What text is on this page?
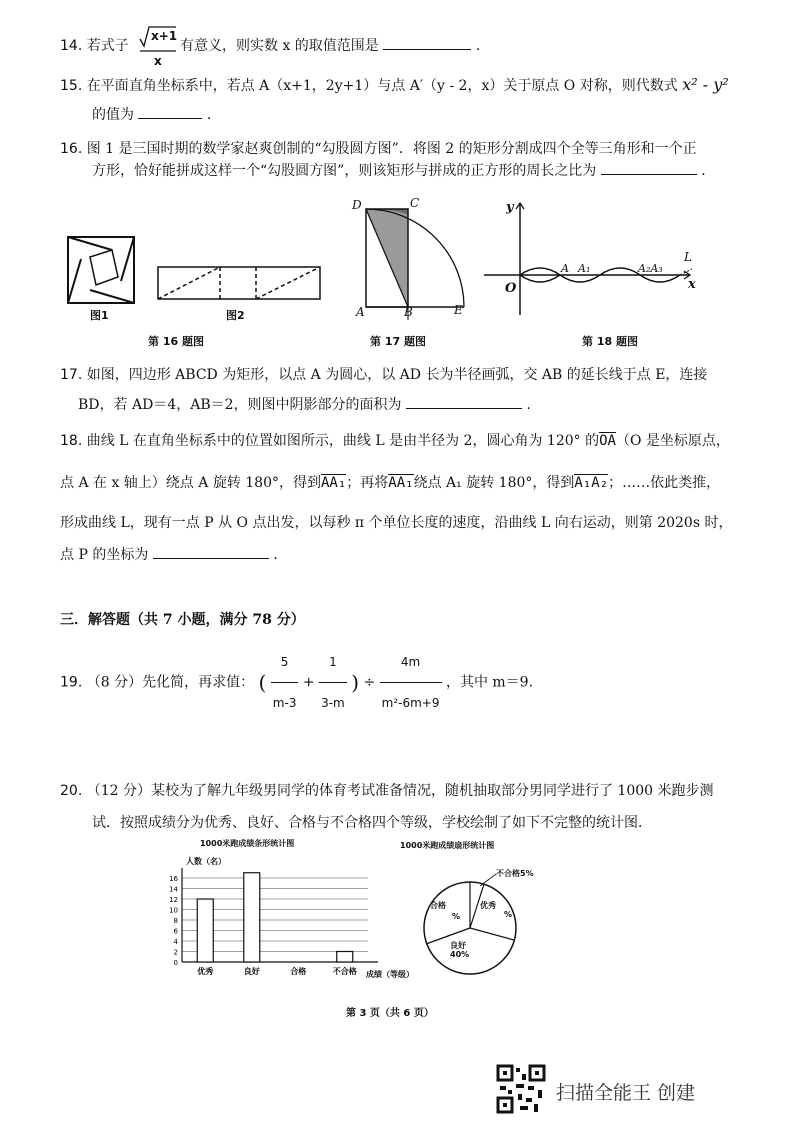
14. 若式子
x+1
x
有意义，则实数 x 的取值范围是	.
15. 在平面直角坐标系中，若点 A（x+1，2y+1）与点 A′（y - 2，x）关于原点 O 对称，则代数式 x² - y²
的值为	.
16. 图 1 是三国时期的数学家赵爽创制的“勾股圆方图”．将图 2 的矩形分割成四个全等三角形和一个正
方形，恰好能拼成这样一个“勾股圆方图”，则该矩形与拼成的正方形的周长之比为	.
图1	图2
第 16 题图	第 17 题图	第 18 题图
D	C
A	B	E
y
x
O
A A₁	A₂A₃
L
17. 如图，四边形 ABCD 为矩形，以点 A 为圆心，以 AD 长为半径画弧，交 AB 的延长线于点 E，连接
BD，若 AD＝4，AB＝2，则图中阴影部分的面积为	.
18. 曲线 L 在直角坐标系中的位置如图所示，曲线 L 是由半径为 2，圆心角为 120° 的OA（O 是坐标原点，
点 A 在 x 轴上）绕点 A 旋转 180°，得到AA₁；再将AA₁绕点 A₁ 旋转 180°，得到A₁A₂；……依此类推，
形成曲线 L，现有一点 P 从 O 点出发，以每秒 π 个单位长度的速度，沿曲线 L 向右运动，则第 2020s 时，
点 P 的坐标为	.
三．解答题（共 7 小题，满分 78 分）
19. （8 分）先化简，再求值： ( $\frac{5}{m-3} + \frac{1}{3-m}$ ) ÷ $\frac{4m}{\text{m²-6m+9}}$ ，其中 m＝9.
20. （12 分）某校为了解九年级男同学的体育考试准备情况，随机抽取部分男同学进行了 1000 米跑步测
试．按照成绩分为优秀、良好、合格与不合格四个等级，学校绘制了如下不完整的统计图．
1000米跑成绩条形统计图
人数（名）
成绩（等级）
0
2
4
6
8
10
12
14
16
优秀	良好	合格	不合格
1000米跑成绩扇形统计图
不合格5%
优秀
%
良好
40%
合格
%
第 3 页（共 6 页）
扫描全能王 创建
